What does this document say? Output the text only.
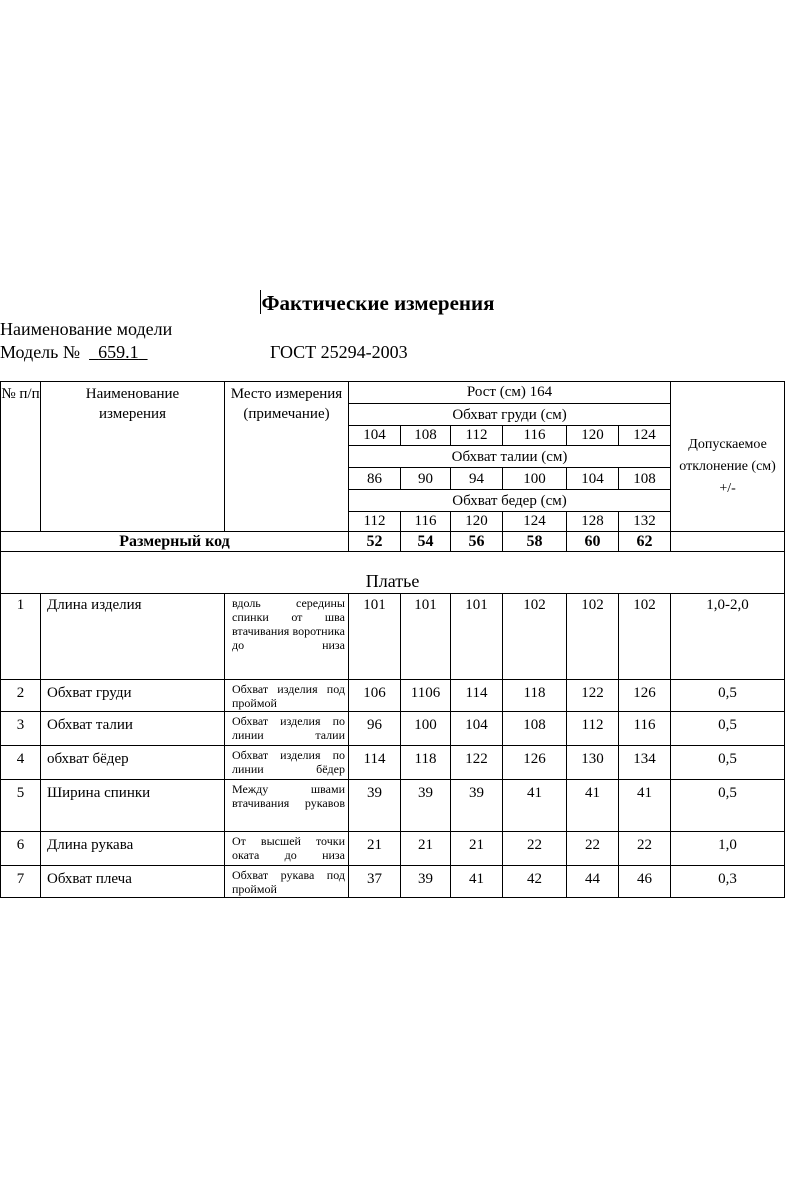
Фактические измерения
Наименование модели
Модель № 659.1	ГОСТ 25294-2003
№ п/п	Наименование измерения	Место измерения (примечание)	Рост (см) 164						
			Обхват груди (см)						Допускаемое отклонение (см) +/-
			104	108	112	116	120	124	
			Обхват талии (см)						
			86	90	94	100	104	108	
			Обхват бедер (см)						
			112	116	120	124	128	132	
Размерный код			52	54	56	58	60	62	
Платье									
1	Длина изделия	вдоль середины спинки от шва втачивания воротника до низа	101	101	101	102	102	102	1,0-2,0
2	Обхват груди	Обхват изделия под проймой	106	1106	114	118	122	126	0,5
3	Обхват талии	Обхват изделия по линии талии	96	100	104	108	112	116	0,5
4	обхват бёдер	Обхват изделия по линии бёдер	114	118	122	126	130	134	0,5
5	Ширина спинки	Между швами втачивания рукавов	39	39	39	41	41	41	0,5
6	Длина рукава	От высшей точки оката до низа	21	21	21	22	22	22	1,0
7	Обхват плеча	Обхват рукава под проймой	37	39	41	42	44	46	0,3
